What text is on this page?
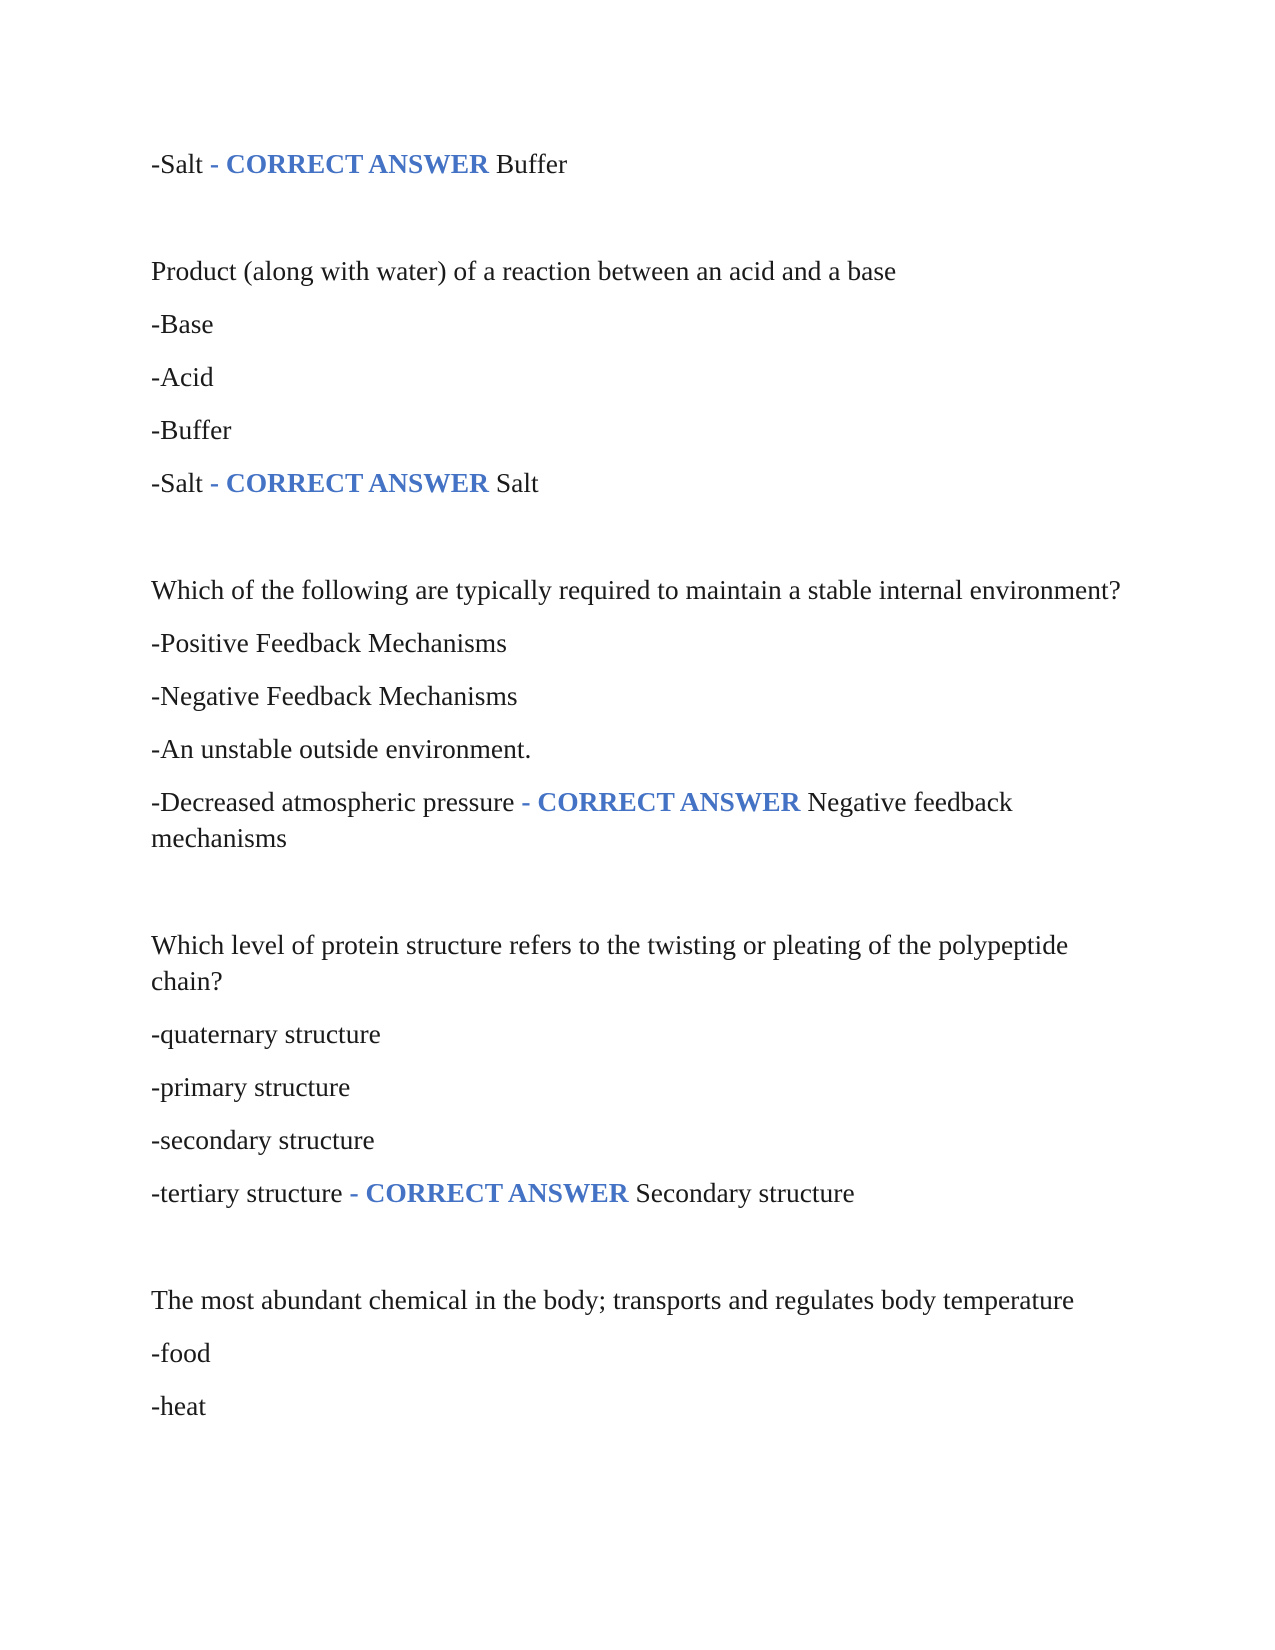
-Salt - CORRECT ANSWER Buffer

Product (along with water) of a reaction between an acid and a base

-Base

-Acid

-Buffer

-Salt - CORRECT ANSWER Salt

Which of the following are typically required to maintain a stable internal environment?

-Positive Feedback Mechanisms

-Negative Feedback Mechanisms

-An unstable outside environment.

-Decreased atmospheric pressure - CORRECT ANSWER Negative feedback mechanisms

Which level of protein structure refers to the twisting or pleating of the polypeptide chain?

-quaternary structure

-primary structure

-secondary structure

-tertiary structure - CORRECT ANSWER Secondary structure

The most abundant chemical in the body; transports and regulates body temperature

-food

-heat
